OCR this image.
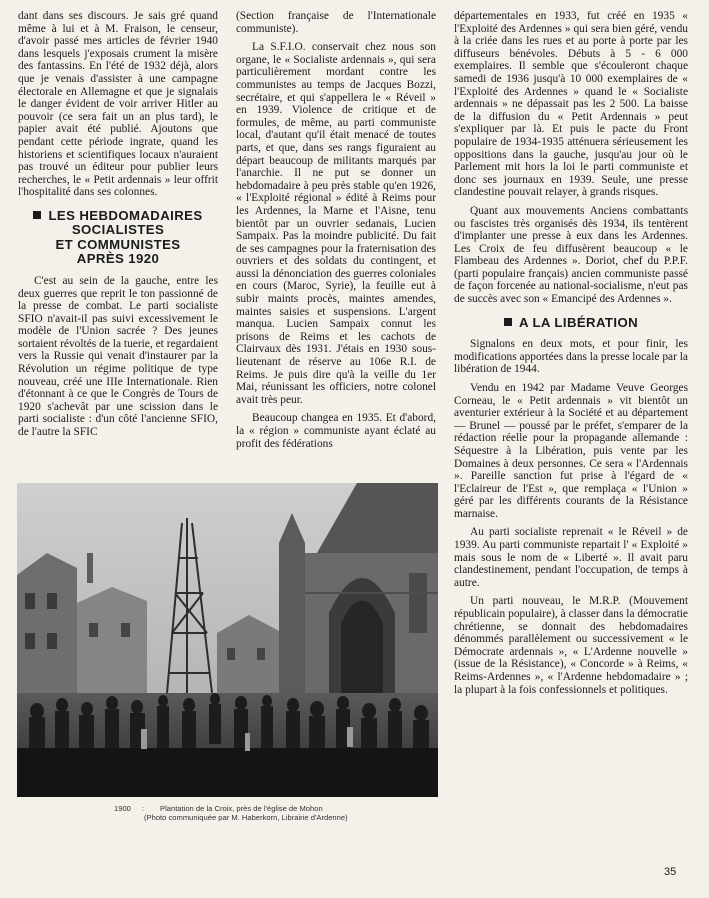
dant dans ses discours. Je sais gré quand même à lui et à M. Fraison, le censeur, d'avoir passé mes articles de février 1940 dans lesquels j'exposais crument la misère des fantassins. En l'été de 1932 déjà, alors que je venais d'assister à une campagne électorale en Allemagne et que je signalais le danger évident de voir arriver Hitler au pouvoir (ce sera fait un an plus tard), le papier avait été publié. Ajoutons que pendant cette période ingrate, quand les historiens et scientifiques locaux n'auraient pas trouvé un éditeur pour publier leurs recherches, le « Petit ardennais » leur offrit l'hospitalité dans ses colonnes.

LES HEBDOMADAIRES
SOCIALISTES
ET COMMUNISTES
APRÈS 1920

C'est au sein de la gauche, entre les deux guerres que reprit le ton passionné de la presse de combat. Le parti socialiste SFIO n'avait-il pas suivi excessivement le modèle de l'Union sacrée ? Des jeunes sortaient révoltés de la tuerie, et regardaient vers la Russie qui venait d'instaurer par la Révolution un régime politique de type nouveau, créé une IIIe Internationale. Rien d'étonnant à ce que le Congrès de Tours de 1920 s'achevât par une scission dans le parti socialiste : d'un côté l'ancienne SFIO, de l'autre la SFIC

(Section française de l'Internationale communiste).

La S.F.I.O. conservait chez nous son organe, le « Socialiste ardennais », qui sera particulièrement mordant contre les communistes au temps de Jacques Bozzi, secrétaire, et qui s'appellera le « Réveil » en 1939. Violence de critique et de formules, de même, au parti communiste local, d'autant qu'il était menacé de toutes parts, et que, dans ses rangs figuraient au départ beaucoup de militants marqués par l'anarchie. Il ne put se donner un hebdomadaire à peu près stable qu'en 1926, « l'Exploité régional » édité à Reims pour les Ardennes, la Marne et l'Aisne, tenu bientôt par un ouvrier sedanais, Lucien Sampaix. Pas la moindre publicité. Du fait de ses campagnes pour la fraternisation des ouvriers et des soldats du contingent, et aussi la dénonciation des guerres coloniales en cours (Maroc, Syrie), la feuille eut à subir maints procès, maintes amendes, maintes saisies et suspensions. L'argent manqua. Lucien Sampaix connut les prisons de Reims et les cachots de Clairvaux dès 1931. J'étais en 1930 sous-lieutenant de réserve au 106e R.I. de Reims. Je puis dire qu'à la veille du 1er Mai, réunissant les officiers, notre colonel avait très peur.

Beaucoup changea en 1935. Et d'abord, la « région » communiste ayant éclaté au profit des fédérations

départementales en 1933, fut créé en 1935 « l'Exploité des Ardennes » qui sera bien géré, vendu à la criée dans les rues et au porte à porte par les diffuseurs bénévoles. Débuts à 5 - 6 000 exemplaires. Il semble que s'écouleront chaque samedi de 1936 jusqu'à 10 000 exemplaires de « l'Exploité des Ardennes » quand le « Socialiste ardennais » ne dépassait pas les 2 500. La baisse de la diffusion du « Petit Ardennais » peut s'expliquer par là. Et puis le pacte du Front populaire de 1934-1935 atténuera sérieusement les oppositions dans la gauche, jusqu'au jour où le Parlement mit hors la loi le parti communiste et donc ses journaux en 1939. Seule, une presse clandestine pouvait relayer, à grands risques.

Quant aux mouvements Anciens combattants ou fascistes très organisés dès 1934, ils tentèrent d'implanter une presse à eux dans les Ardennes. Les Croix de feu diffusèrent beaucoup « le Flambeau des Ardennes ». Doriot, chef du P.P.F. (parti populaire français) ancien communiste passé de façon forcenée au national-socialisme, n'eut pas de succès avec son « Emancipé des Ardennes ».

A LA LIBÉRATION

Signalons en deux mots, et pour finir, les modifications apportées dans la presse locale par la libération de 1944.

Vendu en 1942 par Madame Veuve Georges Corneau, le « Petit ardennais » vit bientôt un aventurier extérieur à la Société et au département — Brunel — poussé par le préfet, s'emparer de la rédaction réelle pour la propagande allemande : Séquestre à la Libération, puis vente par les Domaines à deux personnes. Ce sera « l'Ardennais ». Pareille sanction fut prise à l'égard de « l'Eclaireur de l'Est », que remplaça « l'Union » géré par les différents courants de la Résistance marnaise.

Au parti socialiste reprenait « le Réveil » de 1939. Au parti communiste repartait l' « Exploité » mais sous le nom de « Liberté ». Il avait paru clandestinement, pendant l'occupation, de temps à autre.

Un parti nouveau, le M.R.P. (Mouvement républicain populaire), à classer dans la démocratie chrétienne, se donnait des hebdomadaires dénommés parallèlement ou successivement « le Démocrate ardennais », « L'Ardenne nouvelle » (issue de la Résistance), « Concorde » à Reims, « Reims-Ardennes », « l'Ardenne hebdomadaire » ; la plupart à la fois confessionnels et politiques.

1900 : Plantation de la Croix, près de l'église de Mohon
(Photo communiquée par M. Haberkorn, Librairie d'Ardenne)
35
